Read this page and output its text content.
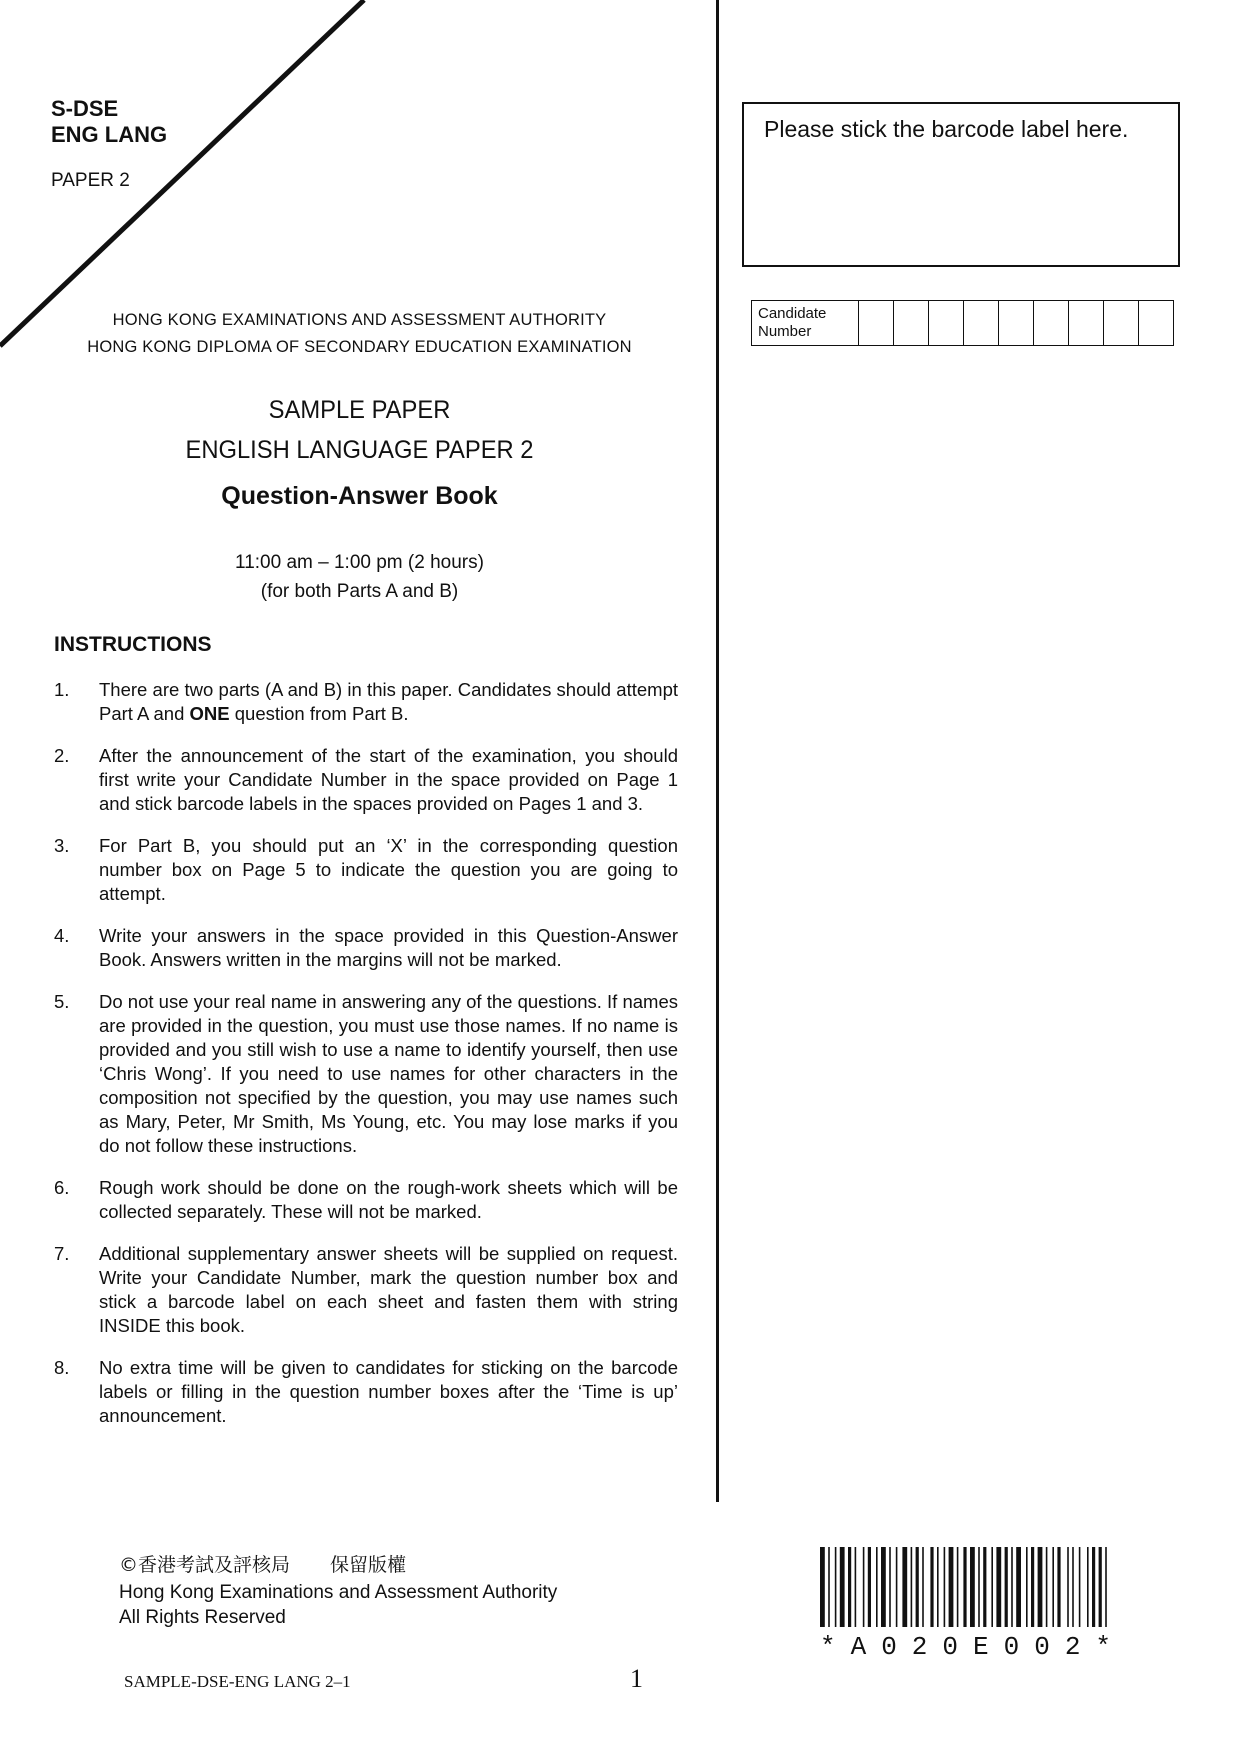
S-DSE
ENG LANG
PAPER 2
HONG KONG EXAMINATIONS AND ASSESSMENT AUTHORITY
HONG KONG DIPLOMA OF SECONDARY EDUCATION EXAMINATION
SAMPLE PAPER
ENGLISH LANGUAGE PAPER 2
Question-Answer Book
11:00 am – 1:00 pm (2 hours)
(for both Parts A and B)
INSTRUCTIONS
1.	There are two parts (A and B) in this paper. Candidates should attempt Part A and ONE question from Part B.
2.	After the announcement of the start of the examination, you should first write your Candidate Number in the space provided on Page 1 and stick barcode labels in the spaces provided on Pages 1 and 3.
3.	For Part B, you should put an ‘X’ in the corresponding question number box on Page 5 to indicate the question you are going to attempt.
4.	Write your answers in the space provided in this Question-Answer Book. Answers written in the margins will not be marked.
5.	Do not use your real name in answering any of the questions. If names are provided in the question, you must use those names. If no name is provided and you still wish to use a name to identify yourself, then use ‘Chris Wong’. If you need to use names for other characters in the composition not specified by the question, you may use names such as Mary, Peter, Mr Smith, Ms Young, etc. You may lose marks if you do not follow these instructions.
6.	Rough work should be done on the rough-work sheets which will be collected separately. These will not be marked.
7.	Additional supplementary answer sheets will be supplied on request. Write your Candidate Number, mark the question number box and stick a barcode label on each sheet and fasten them with string INSIDE this book.
8.	No extra time will be given to candidates for sticking on the barcode labels or filling in the question number boxes after the ‘Time is up’ announcement.
Please stick the barcode label here.
Candidate
Number

©香港考試及評核局 保留版權
Hong Kong Examinations and Assessment Authority
All Rights Reserved
SAMPLE-DSE-ENG LANG 2–1	1
*A020E002*
